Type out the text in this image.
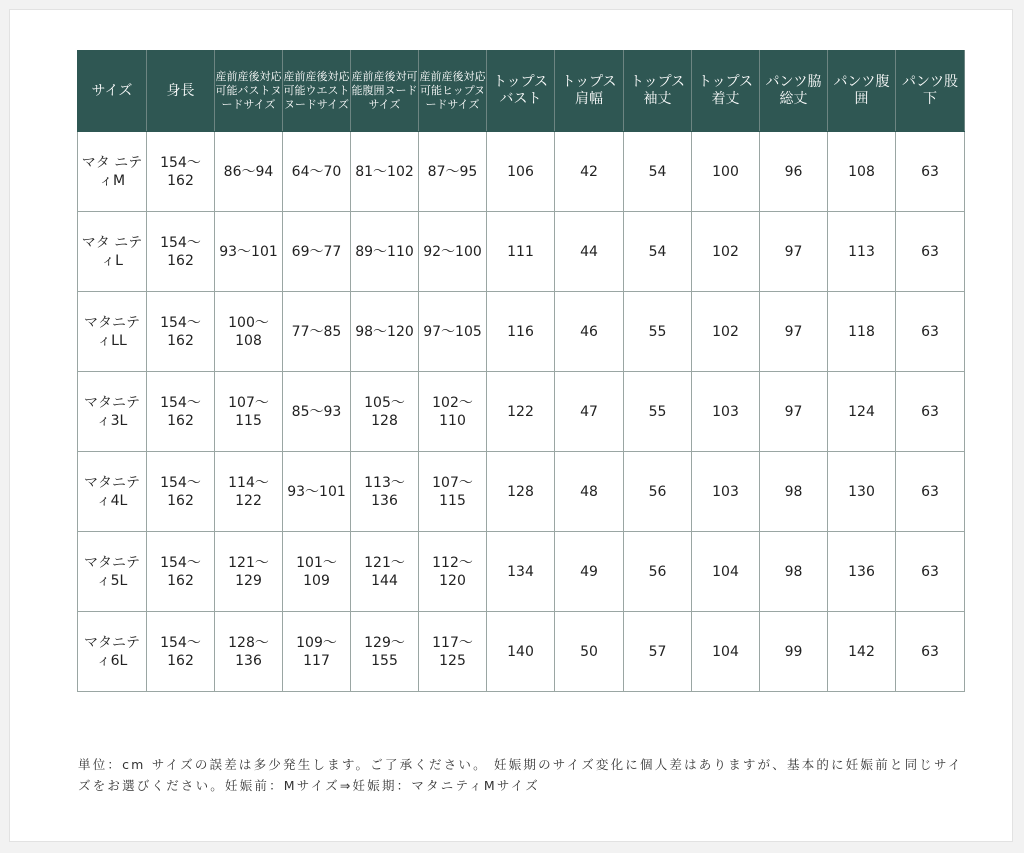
サイズ	身長	産前産後対応可能バストヌードサイズ	産前産後対応可能ウエストヌードサイズ	産前産後対可能腹囲ヌードサイズ	産前産後対応可能ヒップヌードサイズ	トップスバスト	トップス肩幅	トップス袖丈	トップス着丈	パンツ脇総丈	パンツ腹囲	パンツ股下
マタ ニティM	154〜162	86〜94	64〜70	81〜102	87〜95	106	42	54	100	96	108	63
マタ ニティL	154〜162	93〜101	69〜77	89〜110	92〜100	111	44	54	102	97	113	63
マタニティLL	154〜162	100〜108	77〜85	98〜120	97〜105	116	46	55	102	97	118	63
マタニティ3L	154〜162	107〜115	85〜93	105〜128	102〜110	122	47	55	103	97	124	63
マタニティ4L	154〜162	114〜122	93〜101	113〜136	107〜115	128	48	56	103	98	130	63
マタニティ5L	154〜162	121〜129	101〜109	121〜144	112〜120	134	49	56	104	98	136	63
マタニティ6L	154〜162	128〜136	109〜117	129〜155	117〜125	140	50	57	104	99	142	63
単位：cm サイズの誤差は多少発生します。ご了承ください。 妊娠期のサイズ変化に個人差はありますが、基本的に妊娠前と同じサイズをお選びください。妊娠前：Mサイズ⇒妊娠期：マタニティMサイズ
